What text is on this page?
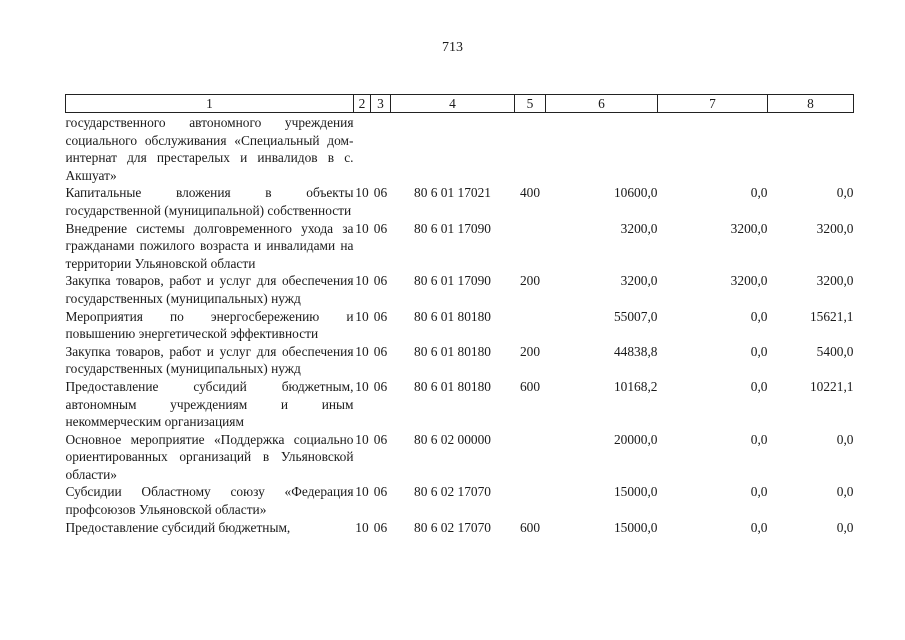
713
1	2	3	4	5	6	7	8
государственного автономного учреждения социального обслуживания «Специальный дом-интернат для престарелых и инвалидов в с. Акшуат»							
Капитальные вложения в объекты государственной (муниципальной) собственности	10	06	80 6 01 17021	400	10600,0	0,0	0,0
Внедрение системы долговременного ухода за гражданами пожилого возраста и инвалидами на территории Ульяновской области	10	06	80 6 01 17090		3200,0	3200,0	3200,0
Закупка товаров, работ и услуг для обеспечения государственных (муниципальных) нужд	10	06	80 6 01 17090	200	3200,0	3200,0	3200,0
Мероприятия по энергосбережению и повышению энергетической эффективности	10	06	80 6 01 80180		55007,0	0,0	15621,1
Закупка товаров, работ и услуг для обеспечения государственных (муниципальных) нужд	10	06	80 6 01 80180	200	44838,8	0,0	5400,0
Предоставление субсидий бюджетным, автономным учреждениям и иным некоммерческим организациям	10	06	80 6 01 80180	600	10168,2	0,0	10221,1
Основное мероприятие «Поддержка социально ориентированных организаций в Ульяновской области»	10	06	80 6 02 00000		20000,0	0,0	0,0
Субсидии Областному союзу «Федерация профсоюзов Ульяновской области»	10	06	80 6 02 17070		15000,0	0,0	0,0
Предоставление субсидий бюджетным,	10	06	80 6 02 17070	600	15000,0	0,0	0,0
